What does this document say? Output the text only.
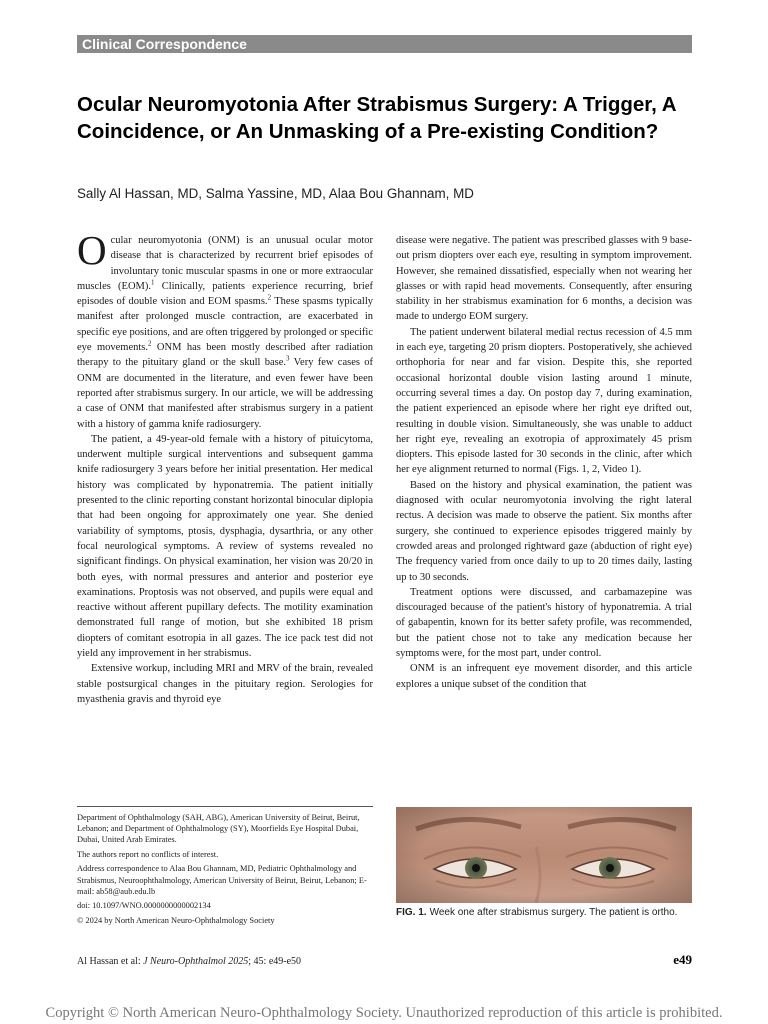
Clinical Correspondence
Ocular Neuromyotonia After Strabismus Surgery: A Trigger, A Coincidence, or An Unmasking of a Pre-existing Condition?
Sally Al Hassan, MD, Salma Yassine, MD, Alaa Bou Ghannam, MD

Ocular neuromyotonia (ONM) is an unusual ocular motor disease that is characterized by recurrent brief episodes of involuntary tonic muscular spasms in one or more extraocular muscles (EOM).$^1$ Clinically, patients experience recurring, brief episodes of double vision and EOM spasms.$^2$ These spasms typically manifest after prolonged muscle contraction, are exacerbated in specific eye positions, and are often triggered by prolonged or specific eye movements.$^2$ ONM has been mostly described after radiation therapy to the pituitary gland or the skull base.$^3$ Very few cases of ONM are documented in the literature, and even fewer have been reported after strabismus surgery. In our article, we will be addressing a case of ONM that manifested after strabismus surgery in a patient with a history of gamma knife radiosurgery.

The patient, a 49-year-old female with a history of pituicytoma, underwent multiple surgical interventions and subsequent gamma knife radiosurgery 3 years before her initial presentation. Her medical history was complicated by hyponatremia. The patient initially presented to the clinic reporting constant horizontal binocular diplopia that had been ongoing for approximately one year. She denied variability of symptoms, ptosis, dysphagia, dysarthria, or any other focal neurological symptoms. A review of systems revealed no significant findings. On physical examination, her vision was 20/20 in both eyes, with normal pressures and anterior and posterior eye examinations. Proptosis was not observed, and pupils were equal and reactive without afferent pupillary defects. The motility examination demonstrated full range of motion, but she exhibited 18 prism diopters of comitant esotropia in all gazes. The ice pack test did not yield any improvement in her strabismus.

Extensive workup, including MRI and MRV of the brain, revealed stable postsurgical changes in the pituitary region. Serologies for myasthenia gravis and thyroid eye

disease were negative. The patient was prescribed glasses with 9 base-out prism diopters over each eye, resulting in symptom improvement. However, she remained dissatisfied, especially when not wearing her glasses or with rapid head movements. Consequently, after ensuring stability in her strabismus examination for 6 months, a decision was made to undergo EOM surgery.

The patient underwent bilateral medial rectus recession of 4.5 mm in each eye, targeting 20 prism diopters. Postoperatively, she achieved orthophoria for near and far vision. Despite this, she reported occasional horizontal double vision lasting around 1 minute, occurring several times a day. On postop day 7, during examination, the patient experienced an episode where her right eye drifted out, resulting in double vision. Simultaneously, she was unable to adduct her right eye, revealing an exotropia of approximately 45 prism diopters. This episode lasted for 30 seconds in the clinic, after which her eye alignment returned to normal (Figs. 1, 2, Video 1).

Based on the history and physical examination, the patient was diagnosed with ocular neuromyotonia involving the right lateral rectus. A decision was made to observe the patient. Six months after surgery, she continued to experience episodes triggered mainly by crowded areas and prolonged rightward gaze (abduction of right eye) The frequency varied from once daily to up to 20 times daily, lasting up to 30 seconds.

Treatment options were discussed, and carbamazepine was discouraged because of the patient's history of hyponatremia. A trial of gabapentin, known for its better safety profile, was recommended, but the patient chose not to take any medication because her symptoms were, for the most part, under control.

ONM is an infrequent eye movement disorder, and this article explores a unique subset of the condition that

Department of Ophthalmology (SAH, ABG), American University of Beirut, Beirut, Lebanon; and Department of Ophthalmology (SY), Moorfields Eye Hospital Dubai, Dubai, United Arab Emirates.

The authors report no conflicts of interest.

Address correspondence to Alaa Bou Ghannam, MD, Pediatric Ophthalmology and Strabismus, Neuroophthalmology, American University of Beirut, Beirut, Lebanon; E-mail: ab58@aub.edu.lb

doi: 10.1097/WNO.0000000000002134

© 2024 by North American Neuro-Ophthalmology Society

FIG. 1. Week one after strabismus surgery. The patient is ortho.
Al Hassan et al: J Neuro-Ophthalmol 2025; 45: e49-e50	e49
Copyright © North American Neuro-Ophthalmology Society. Unauthorized reproduction of this article is prohibited.
